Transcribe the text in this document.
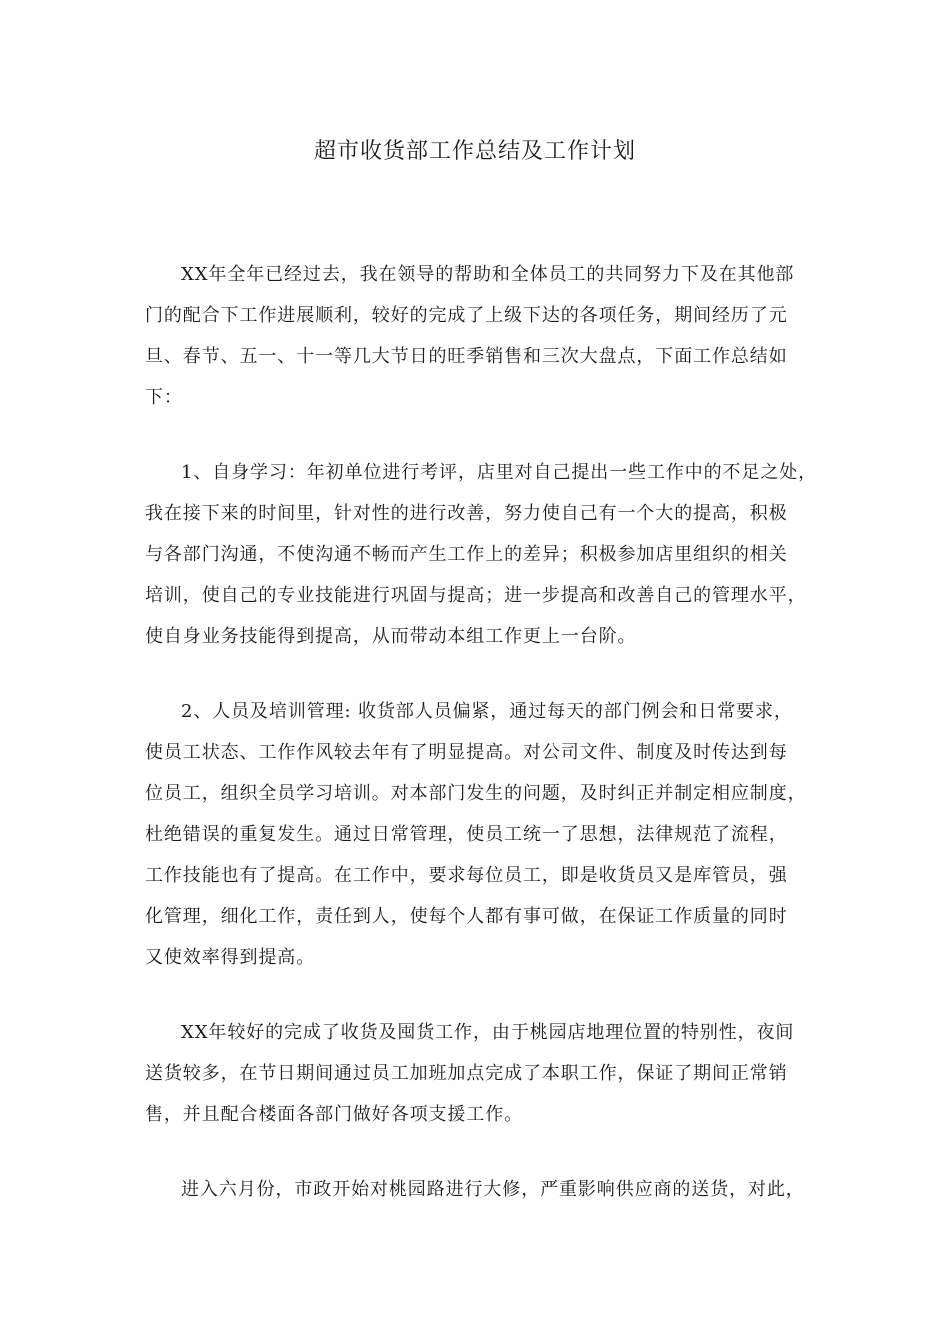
超市收货部工作总结及工作计划
XX年全年已经过去，我在领导的帮助和全体员工的共同努力下及在其他部
门的配合下工作进展顺利，较好的完成了上级下达的各项任务，期间经历了元
旦、春节、五一、十一等几大节日的旺季销售和三次大盘点，下面工作总结如
下：
1、自身学习：年初单位进行考评，店里对自己提出一些工作中的不足之处，
我在接下来的时间里，针对性的进行改善，努力使自己有一个大的提高，积极
与各部门沟通，不使沟通不畅而产生工作上的差异；积极参加店里组织的相关
培训，使自己的专业技能进行巩固与提高；进一步提高和改善自己的管理水平，
使自身业务技能得到提高，从而带动本组工作更上一台阶。
2、人员及培训管理: 收货部人员偏紧，通过每天的部门例会和日常要求，
使员工状态、工作作风较去年有了明显提高。对公司文件、制度及时传达到每
位员工，组织全员学习培训。对本部门发生的问题，及时纠正并制定相应制度，
杜绝错误的重复发生。通过日常管理，使员工统一了思想，法律规范了流程，
工作技能也有了提高。在工作中，要求每位员工，即是收货员又是库管员，强
化管理，细化工作，责任到人，使每个人都有事可做，在保证工作质量的同时
又使效率得到提高。
XX年较好的完成了收货及囤货工作，由于桃园店地理位置的特别性，夜间
送货较多，在节日期间通过员工加班加点完成了本职工作，保证了期间正常销
售，并且配合楼面各部门做好各项支援工作。
进入六月份，市政开始对桃园路进行大修，严重影响供应商的送货，对此，
